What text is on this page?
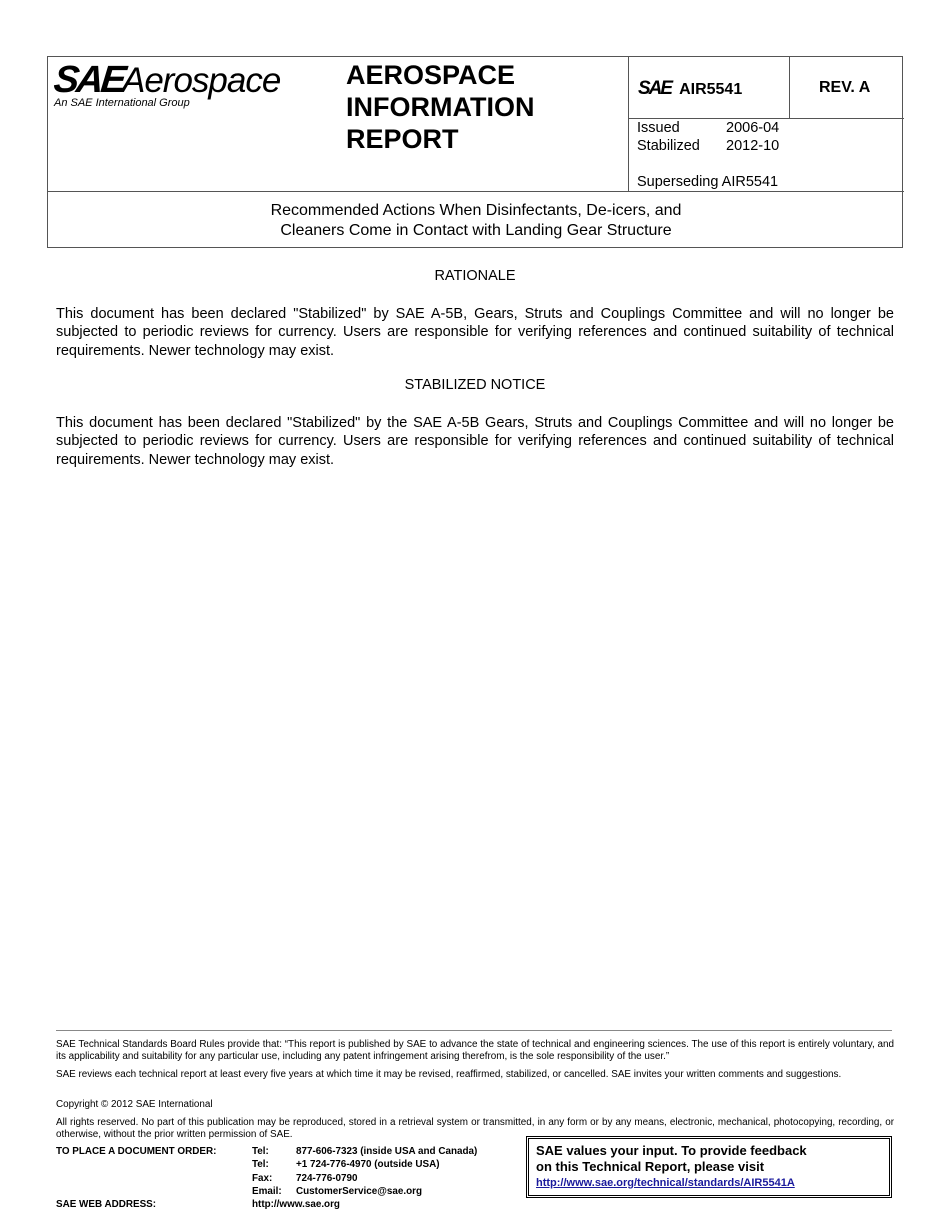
SAE
Aerospace
An SAE International Group
AEROSPACE
INFORMATION
REPORT
SAE AIR5541	REV. A
Issued	2006-04
Stabilized 2012-10
Superseding AIR5541
Recommended Actions When Disinfectants, De-icers, and
Cleaners Come in Contact with Landing Gear Structure
RATIONALE
This document has been declared "Stabilized" by SAE A-5B, Gears, Struts and Couplings Committee and will no longer be subjected to periodic reviews for currency. Users are responsible for verifying references and continued suitability of technical requirements. Newer technology may exist.
STABILIZED NOTICE
This document has been declared "Stabilized" by the SAE A-5B Gears, Struts and Couplings Committee and will no longer be subjected to periodic reviews for currency. Users are responsible for verifying references and continued suitability of technical requirements. Newer technology may exist.
SAE Technical Standards Board Rules provide that: “This report is published by SAE to advance the state of technical and engineering sciences. The use of this report is entirely voluntary, and its applicability and suitability for any particular use, including any patent infringement arising therefrom, is the sole responsibility of the user.”
SAE reviews each technical report at least every five years at which time it may be revised, reaffirmed, stabilized, or cancelled. SAE invites your written comments and suggestions.
Copyright © 2012 SAE International
All rights reserved. No part of this publication may be reproduced, stored in a retrieval system or transmitted, in any form or by any means, electronic, mechanical, photocopying, recording, or otherwise, without the prior written permission of SAE.
TO PLACE A DOCUMENT ORDER:	Tel:	877-606-7323 (inside USA and Canada)
Tel:	+1 724-776-4970 (outside USA)
Fax: 724-776-0790
Email: CustomerService@sae.org
SAE WEB ADDRESS:	http://www.sae.org
SAE values your input. To provide feedback
on this Technical Report, please visit
http://www.sae.org/technical/standards/AIR5541A
